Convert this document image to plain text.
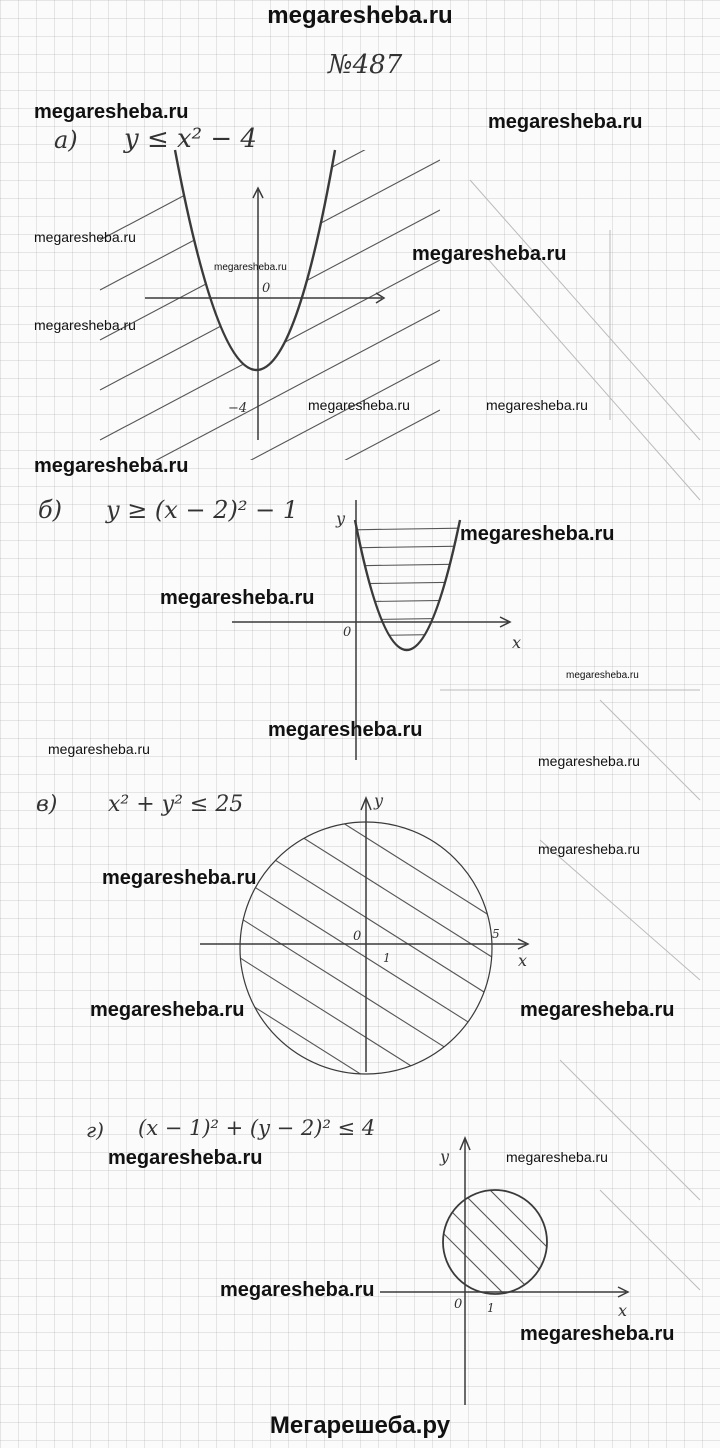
megaresheba.ru
Мегарешеба.ру
0
−4
0
x
y
0
1
5
x
y
0 1	x
y
№487
а) y ≤ x² − 4
б) y ≥ (x − 2)² − 1
в) x² + y² ≤ 25
г) (x − 1)² + (y − 2)² ≤ 4
megaresheba.ru	megaresheba.ru
megaresheba.ru
megaresheba.ru
megaresheba.ru
megaresheba.ru
megaresheba.ru	megaresheba.ru
megaresheba.ru
megaresheba.ru
megaresheba.ru
megaresheba.ru
megaresheba.ru
megaresheba.ru
megaresheba.ru
megaresheba.ru
megaresheba.ru
megaresheba.ru	megaresheba.ru
megaresheba.ru	megaresheba.ru
megaresheba.ru
megaresheba.ru
